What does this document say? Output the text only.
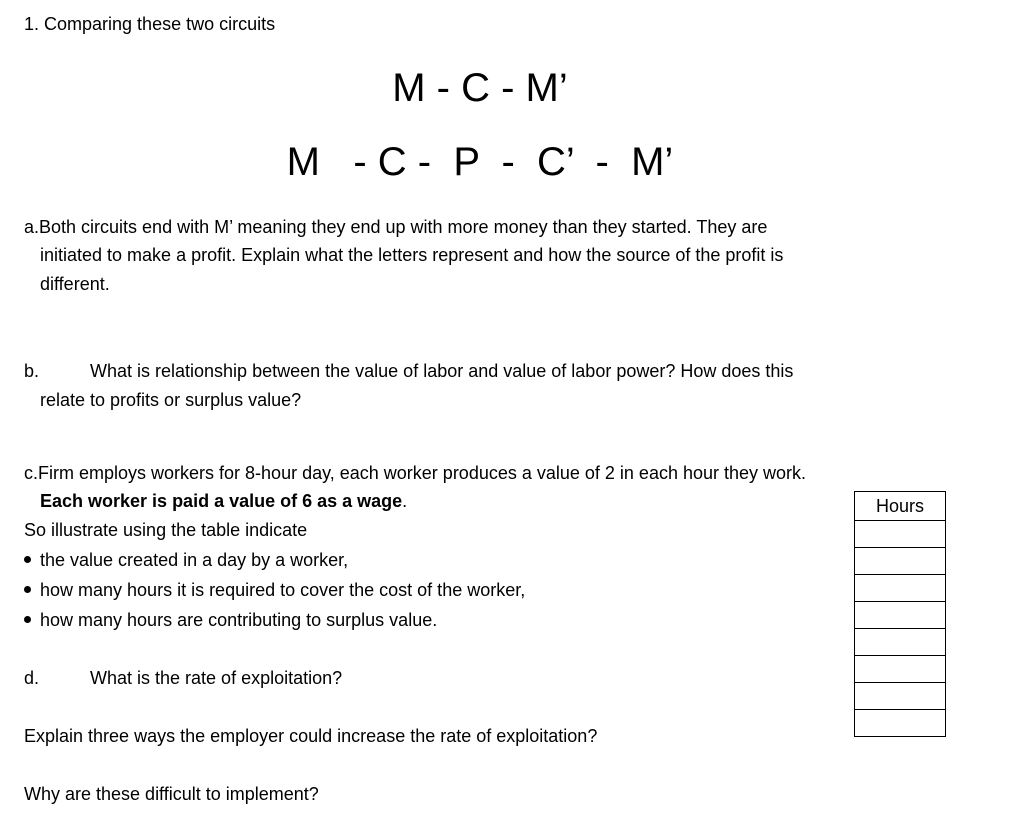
1. Comparing these two circuits
M - C - M’
M   - C -  P  -  C’  -  M’
a.Both circuits end with M’ meaning they end up with more money than they started. They are
initiated to make a profit. Explain what the letters represent and how the source of the profit is
different.
b.	What is relationship between the value of labor and value of labor power? How does this
relate to profits or surplus value?
c.Firm employs workers for 8-hour day, each worker produces a value of 2 in each hour they work.
Each worker is paid a value of 6 as a wage.
So illustrate using the table indicate
the value created in a day by a worker,
how many hours it is required to cover the cost of the worker,
how many hours are contributing to surplus value.
d.	What is the rate of exploitation?
Explain three ways the employer could increase the rate of exploitation?
Why are these difficult to implement?
Hours
